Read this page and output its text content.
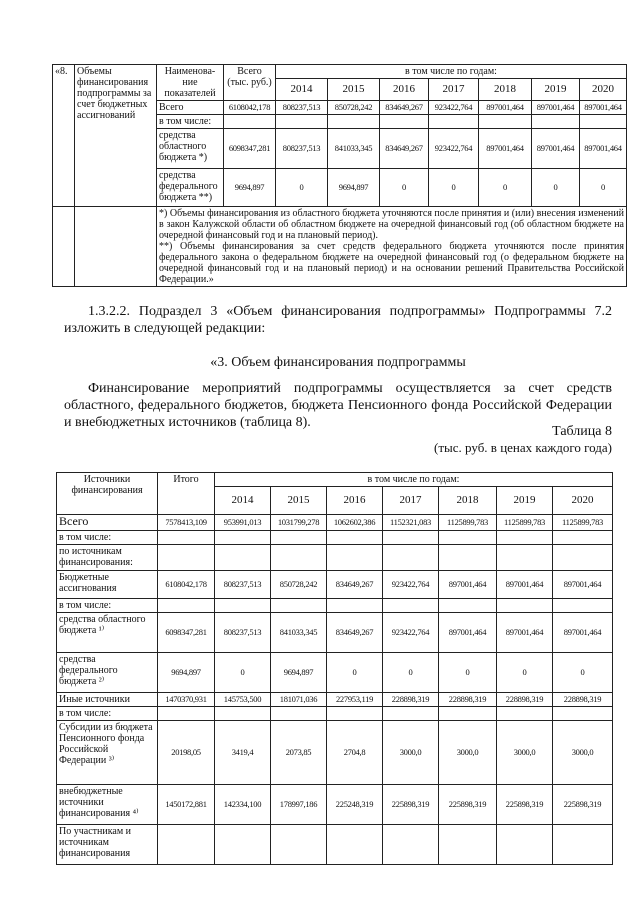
«8.	Объемы финансирования подпрограммы за счет бюджетных ассигнований	Наименова-ние показателей	Всего (тыс. руб.)	в том числе по годам:						
				2014	2015	2016	2017	2018	2019	2020
		Всего	6108042,178	808237,513	850728,242	834649,267	923422,764	897001,464	897001,464	897001,464
		в том числе:								
		средства областного бюджета *)	6098347,281	808237,513	841033,345	834649,267	923422,764	897001,464	897001,464	897001,464
		средства федерального бюджета **)	9694,897	0	9694,897	0	0	0	0	0

		*) Объемы финансирования из областного бюджета уточняются после принятия и (или) внесения изменений в закон Калужской области об областном бюджете на очередной финансовый год (об областном бюджете на очередной финансовый год и на плановый период).
**) Объемы финансирования за счет средств федерального бюджета уточняются после принятия федерального закона о федеральном бюджете на очередной финансовый год (о федеральном бюджете на очередной финансовый год и на плановый период) и на основании решений Правительства Российской Федерации.»								

1.3.2.2. Подраздел 3 «Объем финансирования подпрограммы» Подпрограммы 7.2 изложить в следующей редакции:

«3. Объем финансирования подпрограммы

Финансирование мероприятий подпрограммы осуществляется за счет средств областного, федерального бюджетов, бюджета Пенсионного фонда Российской Федерации и внебюджетных источников (таблица 8).

Таблица 8
(тыс. руб. в ценах каждого года)
Источники финансирования	Итого	в том числе по годам:						
		2014	2015	2016	2017	2018	2019	2020
Всего	7578413,109	953991,013	1031799,278	1062602,386	1152321,083	1125899,783	1125899,783	1125899,783
в том числе:								
по источникам финансирования:								
Бюджетные ассигнования	6108042,178	808237,513	850728,242	834649,267	923422,764	897001,464	897001,464	897001,464
в том числе:								
средства областного бюджета ¹⁾	6098347,281	808237,513	841033,345	834649,267	923422,764	897001,464	897001,464	897001,464
средства федерального бюджета ²⁾	9694,897	0	9694,897	0	0	0	0	0
Иные источники	1470370,931	145753,500	181071,036	227953,119	228898,319	228898,319	228898,319	228898,319
в том числе:								
Субсидии из бюджета Пенсионного фонда Российской Федерации ³⁾	20198,05	3419,4	2073,85	2704,8	3000,0	3000,0	3000,0	3000,0
внебюджетные источники финансирования ⁴⁾	1450172,881	142334,100	178997,186	225248,319	225898,319	225898,319	225898,319	225898,319
По участникам и источникам финансирования								
